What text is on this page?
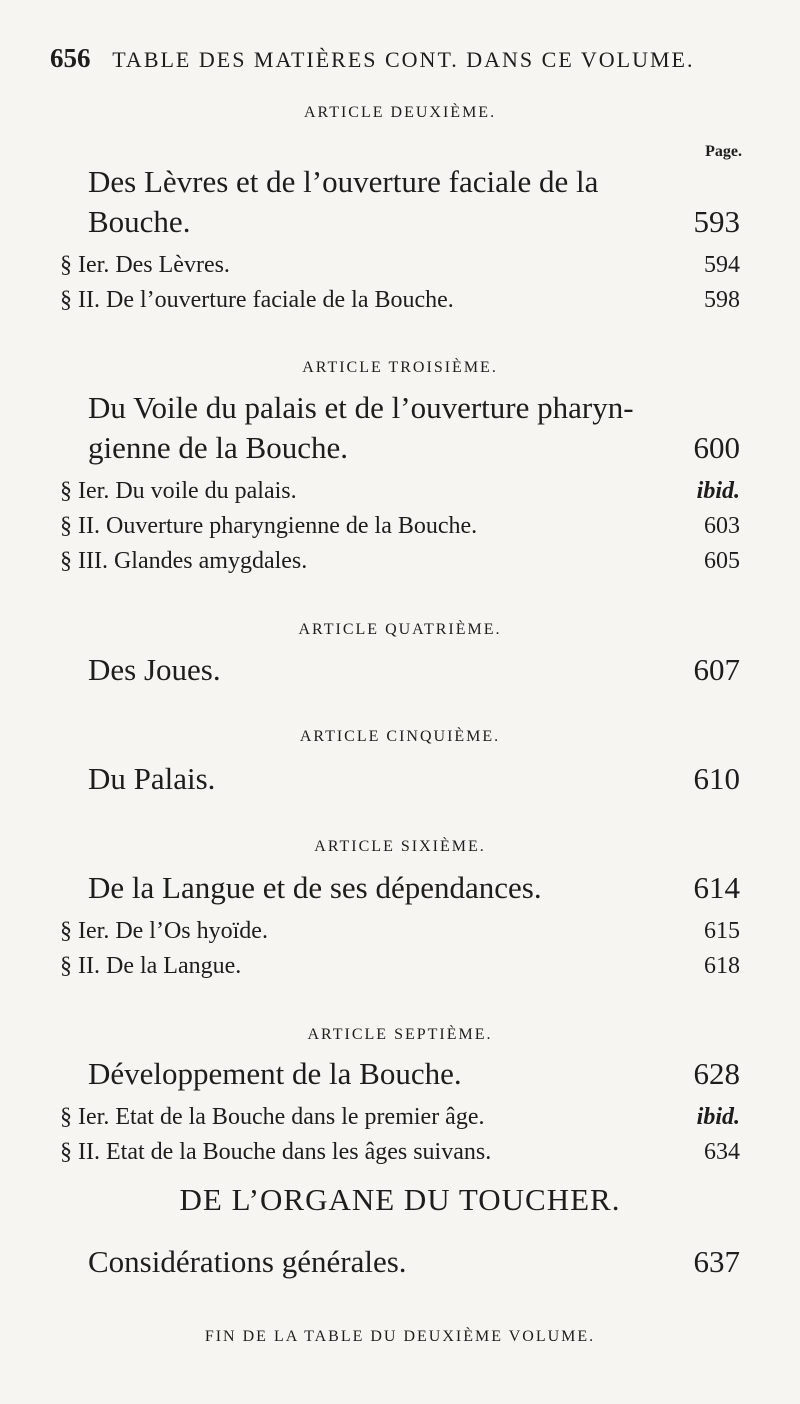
656 TABLE DES MATIÈRES CONT. DANS CE VOLUME.
ARTICLE DEUXIÈME.
Page.
Des Lèvres et de l’ouverture faciale de la
Bouche.	593
§ Ier. Des Lèvres.	594
§ II. De l’ouverture faciale de la Bouche.	598
ARTICLE TROISIÈME.
Du Voile du palais et de l’ouverture pharyn-
gienne de la Bouche.	600
§ Ier. Du voile du palais.	ibid.
§ II. Ouverture pharyngienne de la Bouche.	603
§ III. Glandes amygdales.	605
ARTICLE QUATRIÈME.
Des Joues.	607
ARTICLE CINQUIÈME.
Du Palais.	610
ARTICLE SIXIÈME.
De la Langue et de ses dépendances.	614
§ Ier. De l’Os hyoïde.	615
§ II. De la Langue.	618
ARTICLE SEPTIÈME.
Développement de la Bouche.	628
§ Ier. Etat de la Bouche dans le premier âge.	ibid.
§ II. Etat de la Bouche dans les âges suivans.	634
DE L’ORGANE DU TOUCHER.
Considérations générales.	637
FIN DE LA TABLE DU DEUXIÈME VOLUME.
